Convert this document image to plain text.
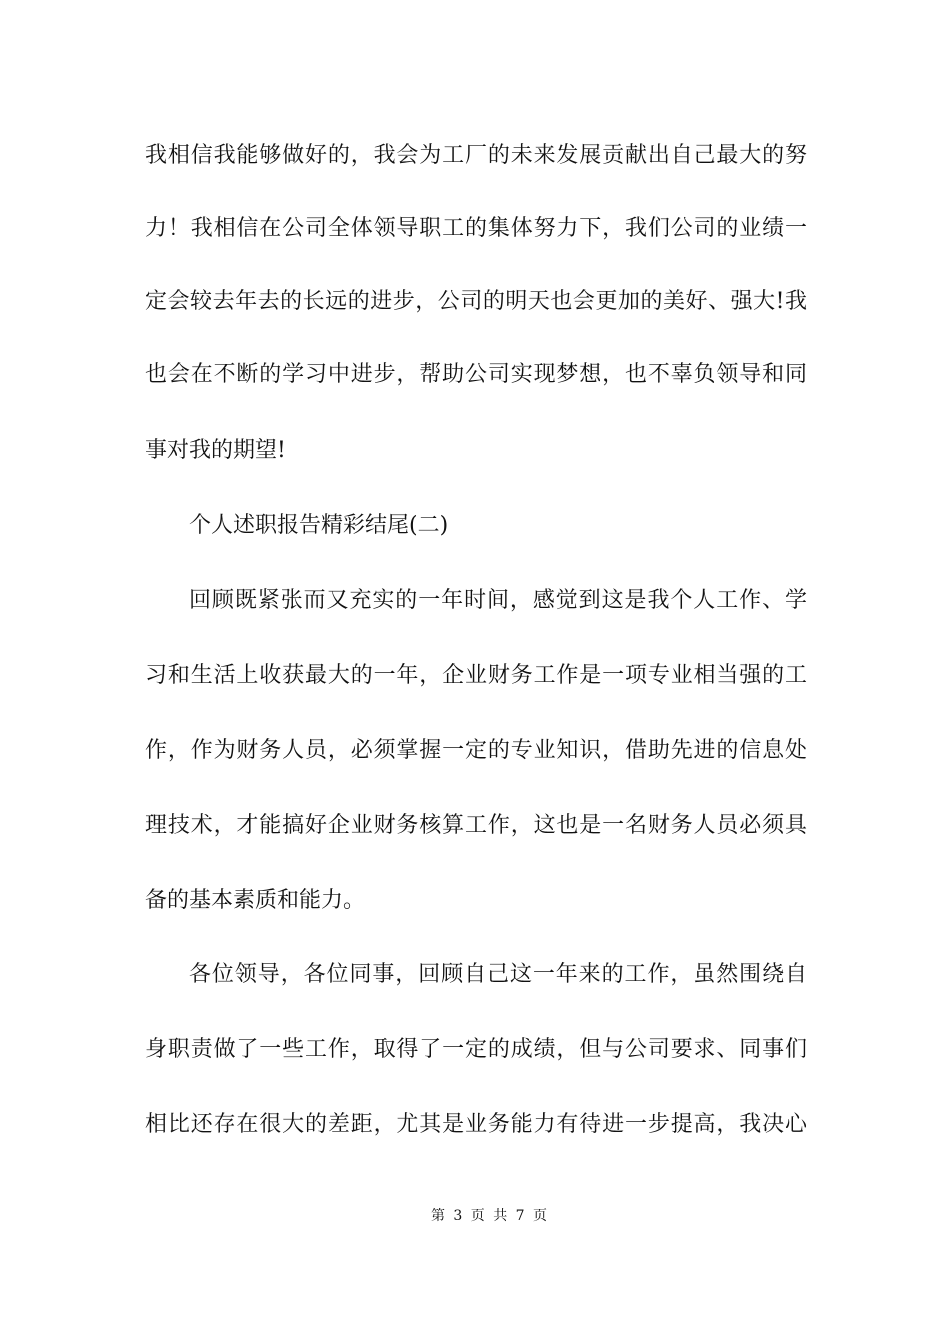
我相信我能够做好的，我会为工厂的未来发展贡献出自己最大的努
力！我相信在公司全体领导职工的集体努力下，我们公司的业绩一
定会较去年去的长远的进步，公司的明天也会更加的美好、强大!我
也会在不断的学习中进步，帮助公司实现梦想，也不辜负领导和同
事对我的期望!
个人述职报告精彩结尾(二)
回顾既紧张而又充实的一年时间，感觉到这是我个人工作、学
习和生活上收获最大的一年，企业财务工作是一项专业相当强的工
作，作为财务人员，必须掌握一定的专业知识，借助先进的信息处
理技术，才能搞好企业财务核算工作，这也是一名财务人员必须具
备的基本素质和能力。
各位领导，各位同事，回顾自己这一年来的工作，虽然围绕自
身职责做了一些工作，取得了一定的成绩，但与公司要求、同事们
相比还存在很大的差距，尤其是业务能力有待进一步提高，我决心
第 3 页 共 7 页
